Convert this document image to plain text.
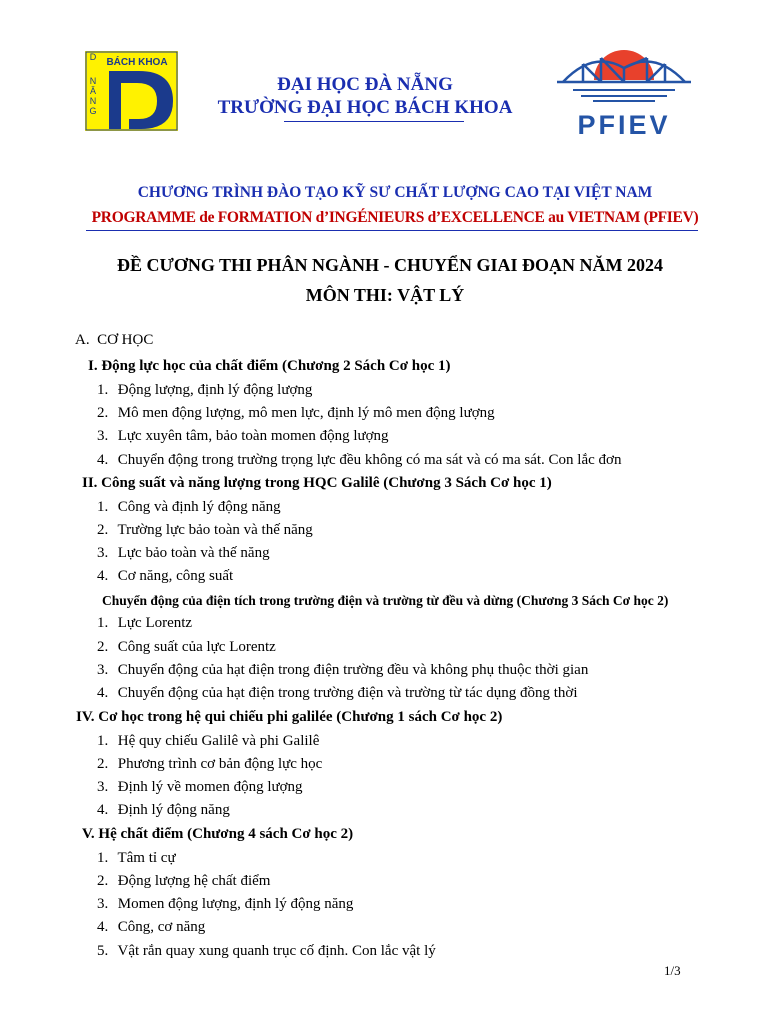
BÁCH KHOA
D
N
Ă
N
G	PFIEV
ĐẠI HỌC ĐÀ NẴNG
TRƯỜNG ĐẠI HỌC BÁCH KHOA
CHƯƠNG TRÌNH ĐÀO TẠO KỸ SƯ CHẤT LƯỢNG CAO TẠI VIỆT NAM
PROGRAMME de FORMATION d’INGÉNIEURS d’EXCELLENCE au VIETNAM (PFIEV)
ĐỀ CƯƠNG THI PHÂN NGÀNH - CHUYỂN GIAI ĐOẠN NĂM 2024
MÔN THI: VẬT LÝ
A. CƠ HỌC
I. Động lực học của chất điểm (Chương 2 Sách Cơ học 1)
1. Động lượng, định lý động lượng
2. Mô men động lượng, mô men lực, định lý mô men động lượng
3. Lực xuyên tâm, bảo toàn momen động lượng
4. Chuyển động trong trường trọng lực đều không có ma sát và có ma sát. Con lắc đơn
II. Công suất và năng lượng trong HQC Galilê (Chương 3 Sách Cơ học 1)
1. Công và định lý động năng
2. Trường lực bảo toàn và thế năng
3. Lực bảo toàn và thế năng
4. Cơ năng, công suất
Chuyển động của điện tích trong trường điện và trường từ đều và dừng (Chương 3 Sách Cơ học 2)
1. Lực Lorentz
2. Công suất của lực Lorentz
3. Chuyển động của hạt điện trong điện trường đều và không phụ thuộc thời gian
4. Chuyển động của hạt điện trong trường điện và trường từ tác dụng đồng thời
IV. Cơ học trong hệ qui chiếu phi galilée (Chương 1 sách Cơ học 2)
1. Hệ quy chiếu Galilê và phi Galilê
2. Phương trình cơ bản động lực học
3. Định lý về momen động lượng
4. Định lý động năng
V. Hệ chất điểm (Chương 4 sách Cơ học 2)
1. Tâm tỉ cự
2. Động lượng hệ chất điểm
3. Momen động lượng, định lý động năng
4. Công, cơ năng
5. Vật rắn quay xung quanh trục cố định. Con lắc vật lý
1/3
